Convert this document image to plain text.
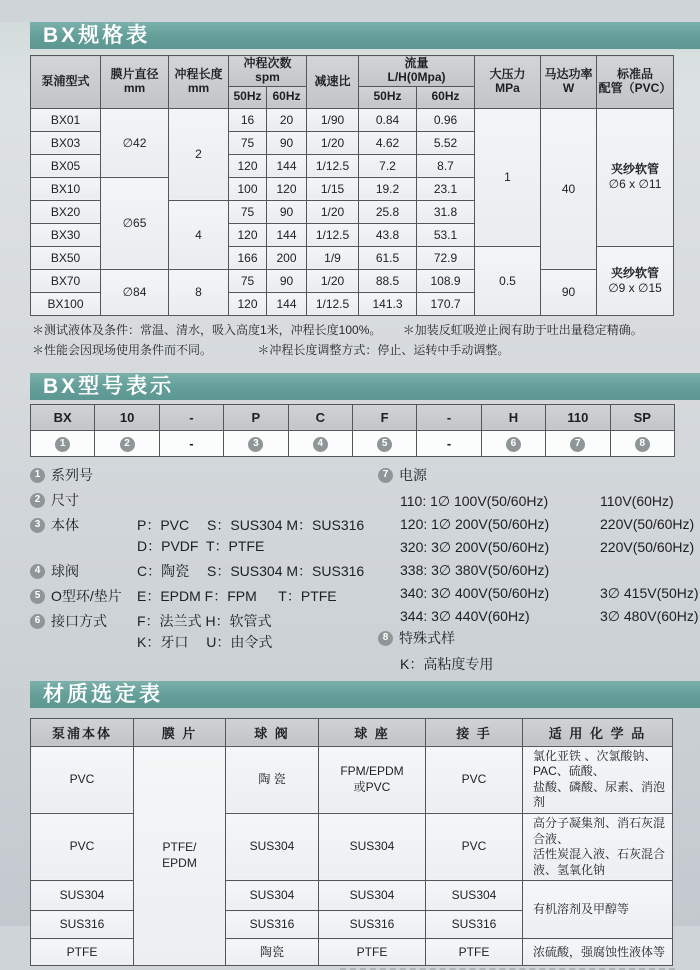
BX规格表
泵浦型式	膜片直径
mm

冲程长度
mm

冲程次数
spm	减速比

流量
L/H(0Mpa)	大压力
MPa

马达功率
W

标准品
配管（PVC）

			50Hz	60Hz		50Hz	60Hz			
BX01	∅42	2	16	20	1/90	0.84	0.96	1	40	夹纱软管
∅6 x ∅11

BX03			75	90	1/20	4.62	5.52			
BX05			120	144	1/12.5	7.2	8.7			
BX10	∅65		100	120	1/15	19.2	23.1			
BX20		4	75	90	1/20	25.8	31.8			
BX30			120	144	1/12.5	43.8	53.1			
BX50			166	200	1/9	61.5	72.9	0.5		夹纱软管
∅9 x ∅15

BX70	∅84	8	75	90	1/20	88.5	108.9		90	
BX100			120	144	1/12.5	141.3	170.7			
＊测试液体及条件：常温、清水，吸入高度1米，冲程长度100%。 ＊加装反虹吸逆止阀有助于吐出量稳定精确。
＊性能会因现场使用条件而不同。	＊冲程长度调整方式：停止、运转中手动调整。
BX型号表示
BX	10	-	P	C	F	-	H	110	SP
1	2	-	3	4	5	-	6	7	8
1 系列号
2 尺寸
3 本体	P：PVC　 S：SUS304 M：SUS316
D：PVDF  T：PTFE
4 球阀	C：陶瓷　 S：SUS304 M：SUS316
5 O型环/垫片	E：EPDM F：FPM　  T：PTFE
6 接口方式	F：法兰式 H：软管式
K：牙口　 U：由令式
7 电源
110: 1∅ 100V(50/60Hz)	110V(60Hz)
120: 1∅ 200V(50/60Hz)	220V(50/60Hz)
320: 3∅ 200V(50/60Hz)	220V(50/60Hz)
338: 3∅ 380V(50/60Hz)
340: 3∅ 400V(50/60Hz)	3∅ 415V(50Hz)
344: 3∅ 440V(60Hz)	3∅ 480V(60Hz)
8 特殊式样
K：高粘度专用
材质选定表
泵浦本体	膜 片	球 阀	球 座	接 手	适 用 化 学 品
PVC	
PTFE/
EPDM
	陶 瓷	
FPM/EPDM
或PVC
	PVC	
氯化亚铁 、次氯酸钠、PAC、硫酸、
盐酸、磷酸、尿素、消泡剂

PVC		SUS304	SUS304	PVC	高分子凝集剂、消石灰混合液、
活性炭混入液、石灰混合液、氢氧化钠

SUS304		SUS304	SUS304	SUS304	有机溶剂及甲醇等
SUS316		SUS316	SUS316	SUS316	
PTFE		陶瓷	PTFE	PTFE	浓硫酸，强腐蚀性液体等
